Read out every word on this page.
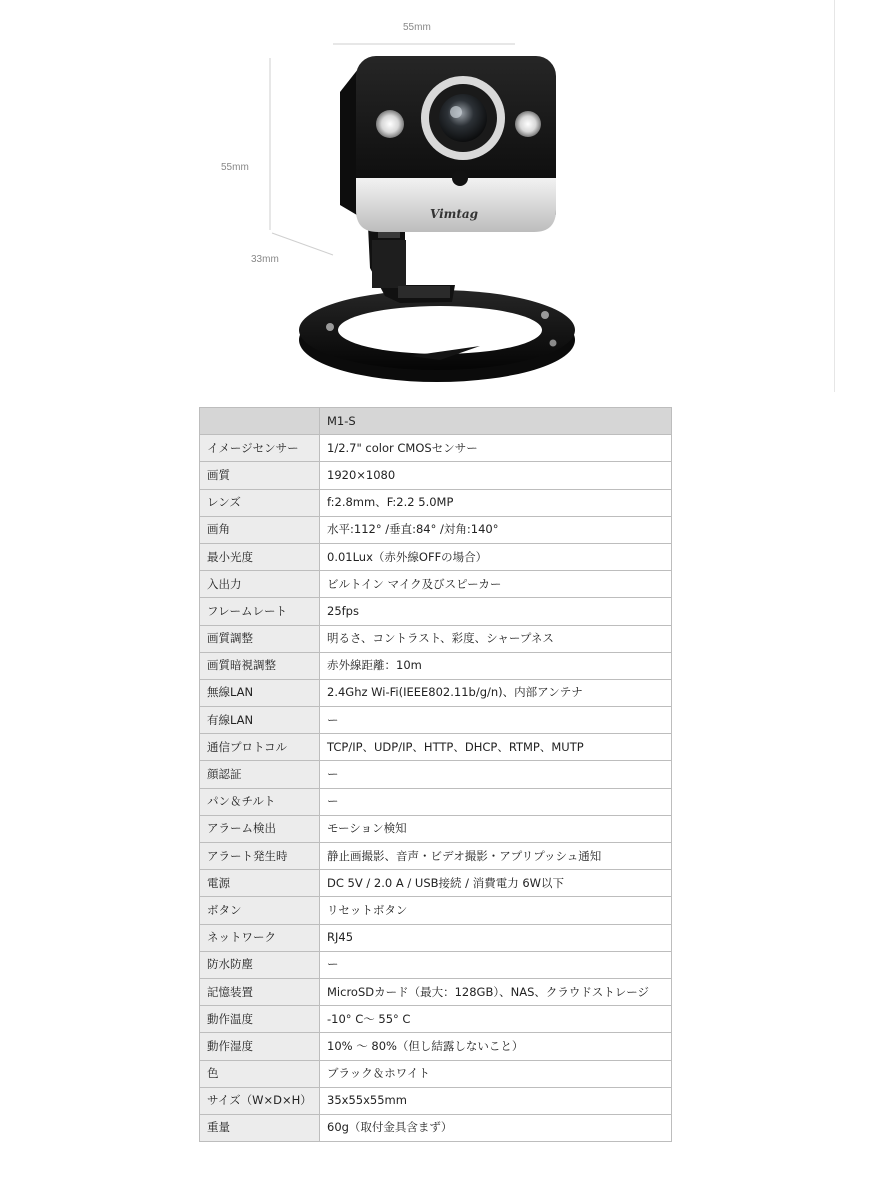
55mm
55mm
33mm
Vimtag
	M1-S
イメージセンサー	1/2.7" color CMOSセンサー
画質	1920×1080
レンズ	f:2.8mm、F:2.2 5.0MP
画角	水平:112° /垂直:84° /対角:140°
最小光度	0.01Lux（赤外線OFFの場合）
入出力	ビルトイン マイク及びスピーカー
フレームレート	25fps
画質調整	明るさ、コントラスト、彩度、シャープネス
画質暗視調整	赤外線距離：10m
無線LAN	2.4Ghz Wi-Fi(IEEE802.11b/g/n)、内部アンテナ
有線LAN	ー
通信プロトコル	TCP/IP、UDP/IP、HTTP、DHCP、RTMP、MUTP
顔認証	ー
パン＆チルト	ー
アラーム検出	モーション検知
アラート発生時	静止画撮影、音声・ビデオ撮影・アプリプッシュ通知
電源	DC 5V / 2.0 A / USB接続 / 消費電力 6W以下
ボタン	リセットボタン
ネットワーク	RJ45
防水防塵	ー
記憶装置	MicroSDカード（最大：128GB）、NAS、クラウドストレージ
動作温度	-10° C～ 55° C
動作湿度	10% ～ 80%（但し結露しないこと）
色	ブラック＆ホワイト
サイズ（W×D×H）	35x55x55mm
重量	60g（取付金具含まず）
